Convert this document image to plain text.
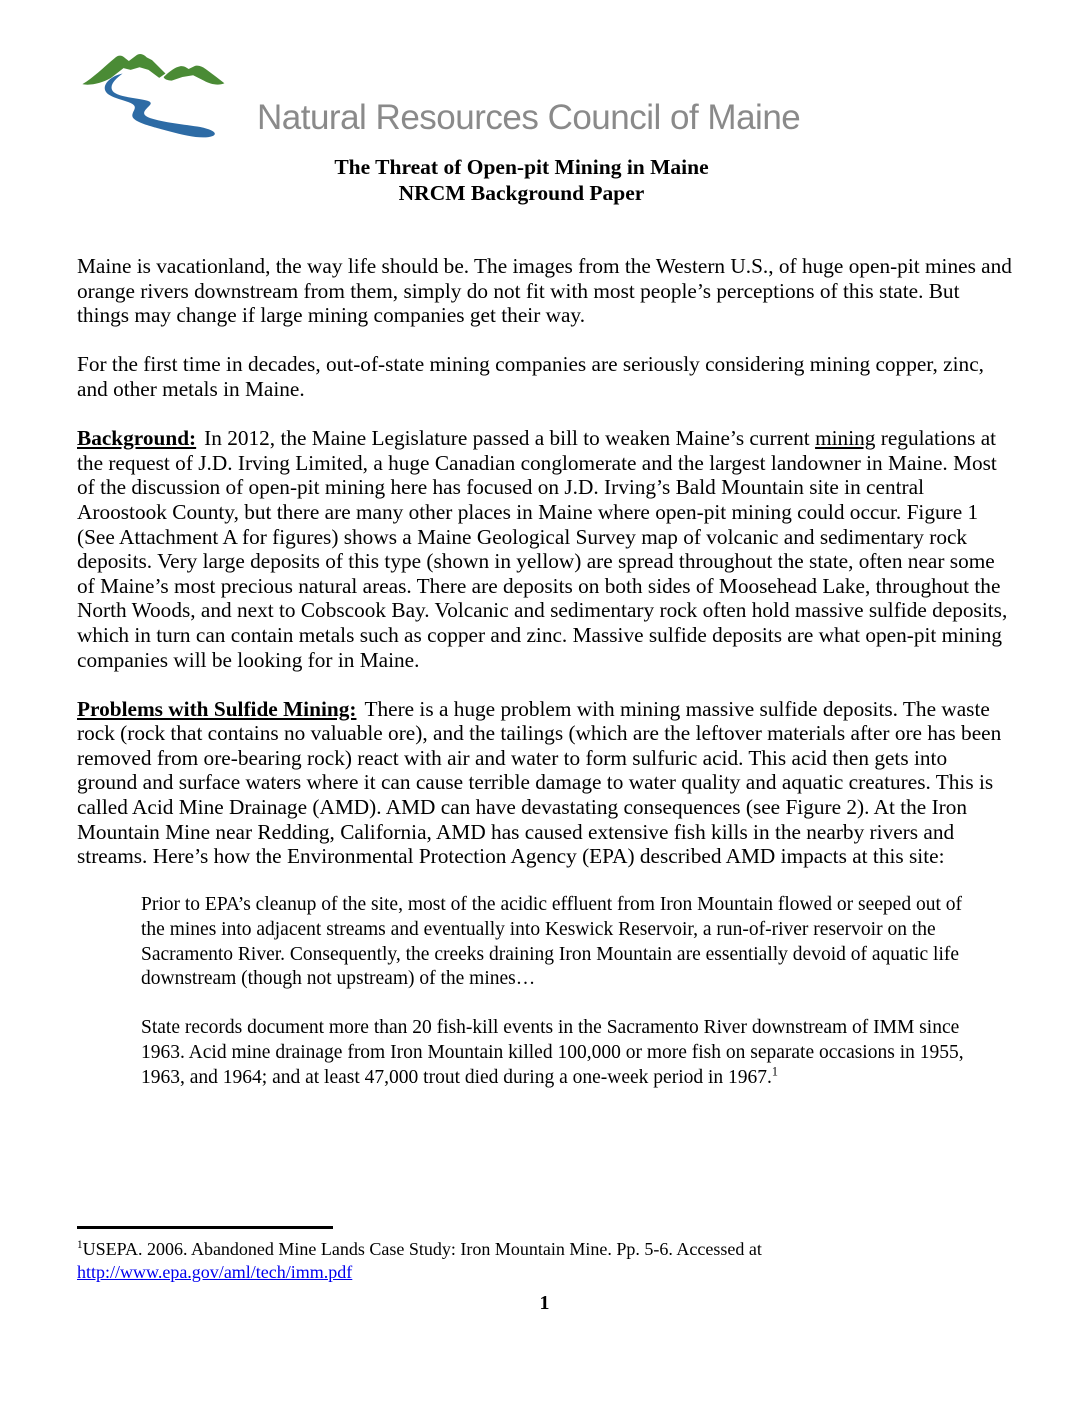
Natural Resources Council of Maine
The Threat of Open-pit Mining in Maine
NRCM Background Paper

Maine is vacationland, the way life should be. The images from the Western U.S., of huge open-pit mines and orange rivers downstream from them, simply do not fit with most people’s perceptions of this state. But things may change if large mining companies get their way.

For the first time in decades, out-of-state mining companies are seriously considering mining copper, zinc, and other metals in Maine.

Background: In 2012, the Maine Legislature passed a bill to weaken Maine’s current mining regulations at the request of J.D. Irving Limited, a huge Canadian conglomerate and the largest landowner in Maine. Most of the discussion of open-pit mining here has focused on J.D. Irving’s Bald Mountain site in central Aroostook County, but there are many other places in Maine where open-pit mining could occur. Figure 1 (See Attachment A for figures) shows a Maine Geological Survey map of volcanic and sedimentary rock deposits. Very large deposits of this type (shown in yellow) are spread throughout the state, often near some of Maine’s most precious natural areas. There are deposits on both sides of Moosehead Lake, throughout the North Woods, and next to Cobscook Bay. Volcanic and sedimentary rock often hold massive sulfide deposits, which in turn can contain metals such as copper and zinc. Massive sulfide deposits are what open-pit mining companies will be looking for in Maine.

Problems with Sulfide Mining: There is a huge problem with mining massive sulfide deposits. The waste rock (rock that contains no valuable ore), and the tailings (which are the leftover materials after ore has been removed from ore-bearing rock) react with air and water to form sulfuric acid. This acid then gets into ground and surface waters where it can cause terrible damage to water quality and aquatic creatures. This is called Acid Mine Drainage (AMD). AMD can have devastating consequences (see Figure 2). At the Iron Mountain Mine near Redding, California, AMD has caused extensive fish kills in the nearby rivers and streams. Here’s how the Environmental Protection Agency (EPA) described AMD impacts at this site:

Prior to EPA’s cleanup of the site, most of the acidic effluent from Iron Mountain flowed or seeped out of the mines into adjacent streams and eventually into Keswick Reservoir, a run-of-river reservoir on the Sacramento River. Consequently, the creeks draining Iron Mountain are essentially devoid of aquatic life downstream (though not upstream) of the mines…
State records document more than 20 fish-kill events in the Sacramento River downstream of IMM since 1963. Acid mine drainage from Iron Mountain killed 100,000 or more fish on separate occasions in 1955, 1963, and 1964; and at least 47,000 trout died during a one-week period in 1967.$^1$
$^1$USEPA. 2006. Abandoned Mine Lands Case Study: Iron Mountain Mine. Pp. 5-6. Accessed at
http://www.epa.gov/aml/tech/imm.pdf
1
